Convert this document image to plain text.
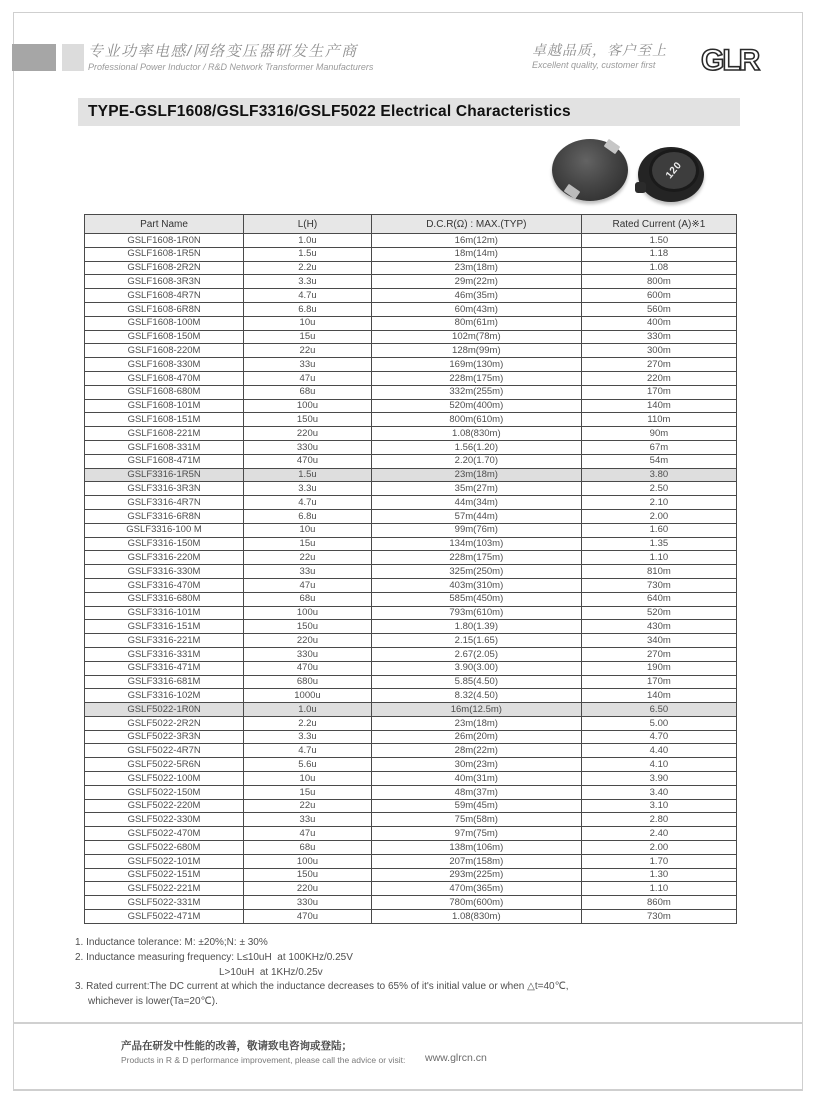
专业功率电感/网络变压器研发生产商
Professional Power Inductor / R&D Network Transformer Manufacturers
卓越品质，客户至上
Excellent quality, customer first GLR
TYPE-GSLF1608/GSLF3316/GSLF5022 Electrical Characteristics
120
Part Name	L(H)	D.C.R(Ω) : MAX.(TYP)	Rated Current (A)※1
GSLF1608-1R0N	1.0u	16m(12m)	1.50
GSLF1608-1R5N	1.5u	18m(14m)	1.18
GSLF1608-2R2N	2.2u	23m(18m)	1.08
GSLF1608-3R3N	3.3u	29m(22m)	800m
GSLF1608-4R7N	4.7u	46m(35m)	600m
GSLF1608-6R8N	6.8u	60m(43m)	560m
GSLF1608-100M	10u	80m(61m)	400m
GSLF1608-150M	15u	102m(78m)	330m
GSLF1608-220M	22u	128m(99m)	300m
GSLF1608-330M	33u	169m(130m)	270m
GSLF1608-470M	47u	228m(175m)	220m
GSLF1608-680M	68u	332m(255m)	170m
GSLF1608-101M	100u	520m(400m)	140m
GSLF1608-151M	150u	800m(610m)	110m
GSLF1608-221M	220u	1.08(830m)	90m
GSLF1608-331M	330u	1.56(1.20)	67m
GSLF1608-471M	470u	2.20(1.70)	54m
GSLF3316-1R5N	1.5u	23m(18m)	3.80
GSLF3316-3R3N	3.3u	35m(27m)	2.50
GSLF3316-4R7N	4.7u	44m(34m)	2.10
GSLF3316-6R8N	6.8u	57m(44m)	2.00
GSLF3316-100 M	10u	99m(76m)	1.60
GSLF3316-150M	15u	134m(103m)	1.35
GSLF3316-220M	22u	228m(175m)	1.10
GSLF3316-330M	33u	325m(250m)	810m
GSLF3316-470M	47u	403m(310m)	730m
GSLF3316-680M	68u	585m(450m)	640m
GSLF3316-101M	100u	793m(610m)	520m
GSLF3316-151M	150u	1.80(1.39)	430m
GSLF3316-221M	220u	2.15(1.65)	340m
GSLF3316-331M	330u	2.67(2.05)	270m
GSLF3316-471M	470u	3.90(3.00)	190m
GSLF3316-681M	680u	5.85(4.50)	170m
GSLF3316-102M	1000u	8.32(4.50)	140m
GSLF5022-1R0N	1.0u	16m(12.5m)	6.50
GSLF5022-2R2N	2.2u	23m(18m)	5.00
GSLF5022-3R3N	3.3u	26m(20m)	4.70
GSLF5022-4R7N	4.7u	28m(22m)	4.40
GSLF5022-5R6N	5.6u	30m(23m)	4.10
GSLF5022-100M	10u	40m(31m)	3.90
GSLF5022-150M	15u	48m(37m)	3.40
GSLF5022-220M	22u	59m(45m)	3.10
GSLF5022-330M	33u	75m(58m)	2.80
GSLF5022-470M	47u	97m(75m)	2.40
GSLF5022-680M	68u	138m(106m)	2.00
GSLF5022-101M	100u	207m(158m)	1.70
GSLF5022-151M	150u	293m(225m)	1.30
GSLF5022-221M	220u	470m(365m)	1.10
GSLF5022-331M	330u	780m(600m)	860m
GSLF5022-471M	470u	1.08(830m)	730m
1. Inductance tolerance: M: ±20%;N: ± 30%
2. Inductance measuring frequency: L≤10uH  at 100KHz/0.25V
L>10uH  at 1KHz/0.25v
3. Rated current:The DC current at which the inductance decreases to 65% of it's initial value or when △t=40℃,
whichever is lower(Ta=20℃).
产品在研发中性能的改善，敬请致电咨询或登陆；
Products in R & D performance improvement, please call the advice or visit: www.glrcn.cn
